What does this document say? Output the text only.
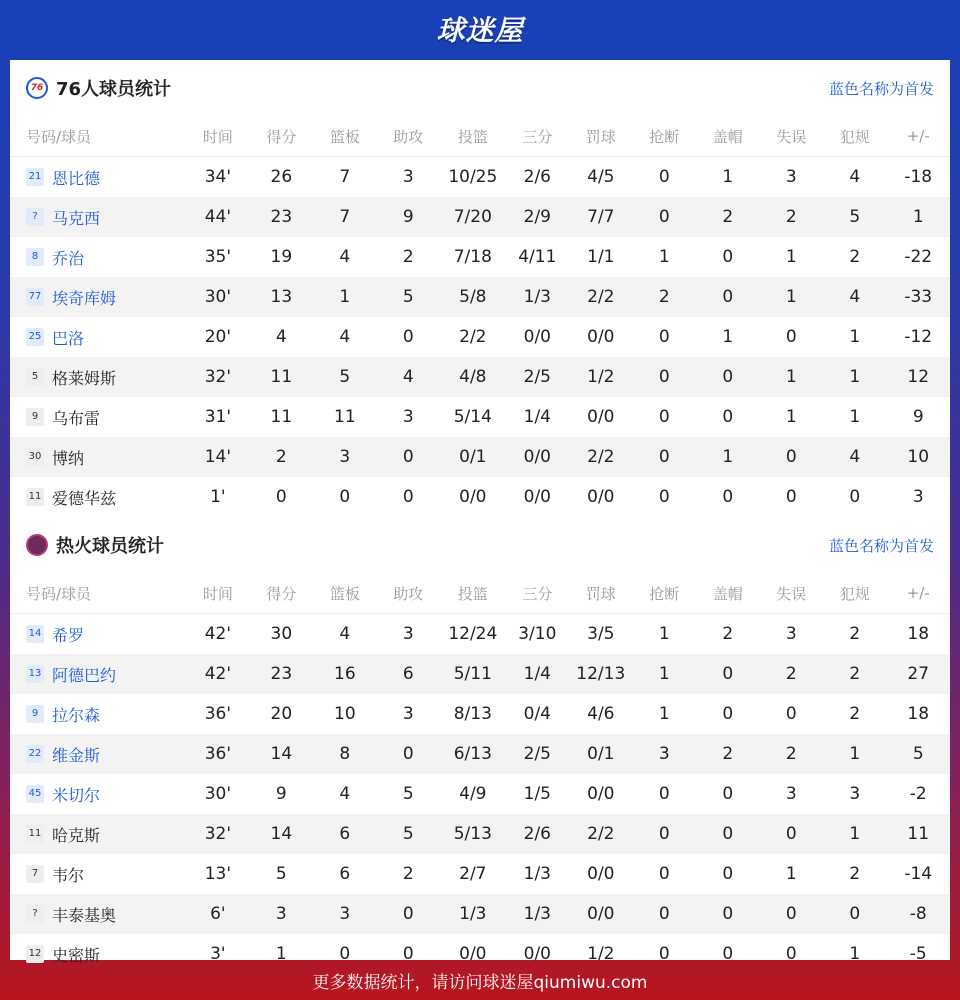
球迷屋
76 76人球员统计	蓝色名称为首发
号码/球员	时间	得分	篮板	助攻	投篮	三分	罚球	抢断	盖帽	失误	犯规	+/-
21 恩比德	34'	26	7	3	10/25	2/6	4/5	0	1	3	4	-18
? 马克西	44'	23	7	9	7/20	2/9	7/7	0	2	2	5	1
8 乔治	35'	19	4	2	7/18	4/11	1/1	1	0	1	2	-22
77 埃奇库姆	30'	13	1	5	5/8	1/3	2/2	2	0	1	4	-33
25 巴洛	20'	4	4	0	2/2	0/0	0/0	0	1	0	1	-12
5 格莱姆斯	32'	11	5	4	4/8	2/5	1/2	0	0	1	1	12
9 乌布雷	31'	11	11	3	5/14	1/4	0/0	0	0	1	1	9
30 博纳	14'	2	3	0	0/1	0/0	2/2	0	1	0	4	10
11 爱德华兹	1'	0	0	0	0/0	0/0	0/0	0	0	0	0	3
热火球员统计	蓝色名称为首发
号码/球员	时间	得分	篮板	助攻	投篮	三分	罚球	抢断	盖帽	失误	犯规	+/-
14 希罗	42'	30	4	3	12/24	3/10	3/5	1	2	3	2	18
13 阿德巴约	42'	23	16	6	5/11	1/4	12/13	1	0	2	2	27
9 拉尔森	36'	20	10	3	8/13	0/4	4/6	1	0	0	2	18
22 维金斯	36'	14	8	0	6/13	2/5	0/1	3	2	2	1	5
45 米切尔	30'	9	4	5	4/9	1/5	0/0	0	0	3	3	-2
11 哈克斯	32'	14	6	5	5/13	2/6	2/2	0	0	0	1	11
7 韦尔	13'	5	6	2	2/7	1/3	0/0	0	0	1	2	-14
? 丰泰基奥	6'	3	3	0	1/3	1/3	0/0	0	0	0	0	-8
12 史密斯	3'	1	0	0	0/0	0/0	1/2	0	0	0	1	-5
更多数据统计，请访问球迷屋qiumiwu.com
